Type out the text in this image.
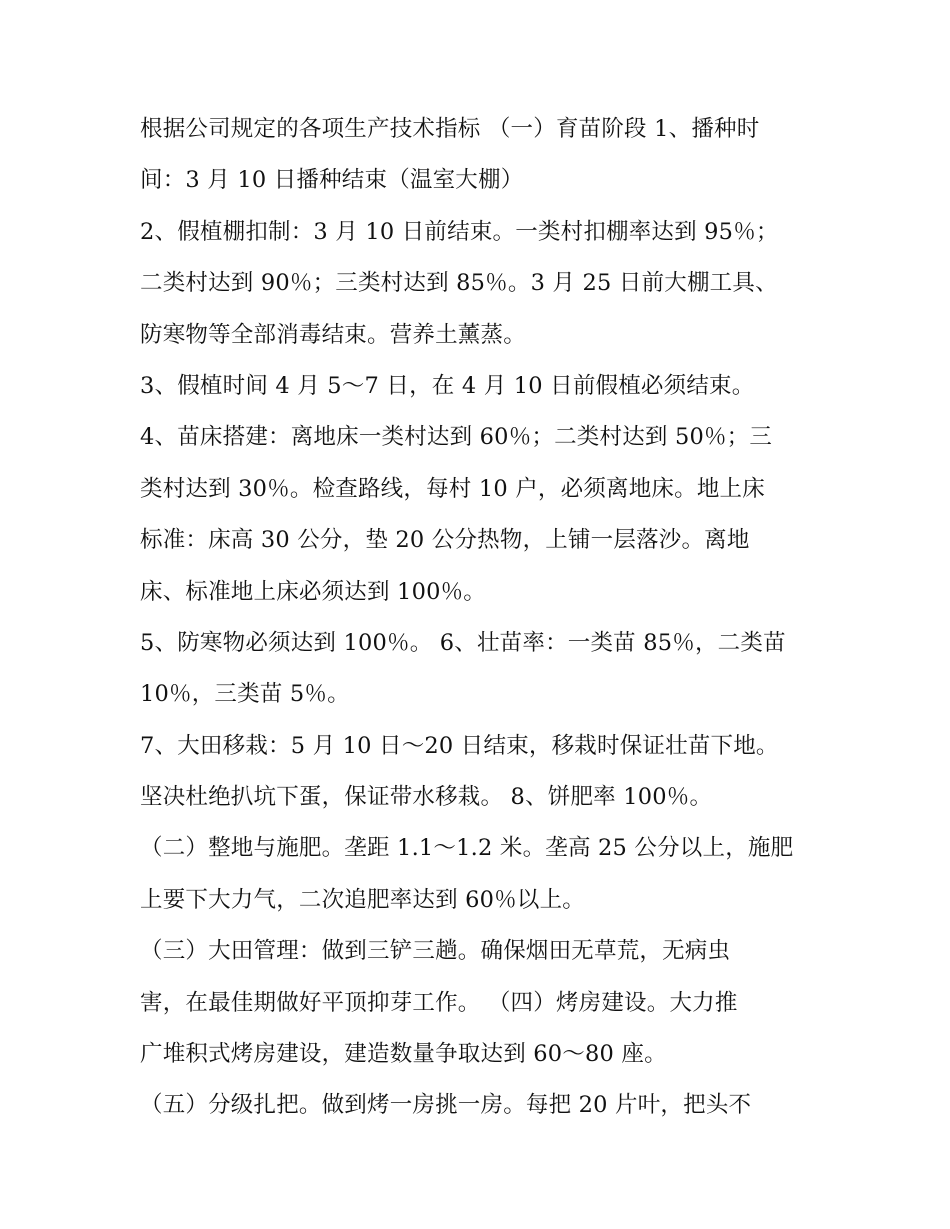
根据公司规定的各项生产技术指标 （一）育苗阶段 1、播种时
间：3 月 10 日播种结束（温室大棚）
2、假植棚扣制：3 月 10 日前结束。一类村扣棚率达到 95％；
二类村达到 90％；三类村达到 85％。3 月 25 日前大棚工具、
防寒物等全部消毒结束。营养土薰蒸。
3、假植时间 4 月 5～7 日，在 4 月 10 日前假植必须结束。
4、苗床搭建：离地床一类村达到 60％；二类村达到 50％；三
类村达到 30％。检查路线，每村 10 户，必须离地床。地上床
标准：床高 30 公分，垫 20 公分热物，上铺一层落沙。离地
床、标准地上床必须达到 100％。
5、防寒物必须达到 100％。 6、壮苗率：一类苗 85％，二类苗
10％，三类苗 5％。
7、大田移栽：5 月 10 日～20 日结束，移栽时保证壮苗下地。
坚决杜绝扒坑下蛋，保证带水移栽。 8、饼肥率 100％。
（二）整地与施肥。垄距 1.1～1.2 米。垄高 25 公分以上，施肥
上要下大力气，二次追肥率达到 60％以上。
（三）大田管理：做到三铲三趟。确保烟田无草荒，无病虫
害，在最佳期做好平顶抑芽工作。 （四）烤房建设。大力推
广堆积式烤房建设，建造数量争取达到 60～80 座。
（五）分级扎把。做到烤一房挑一房。每把 20 片叶，把头不
